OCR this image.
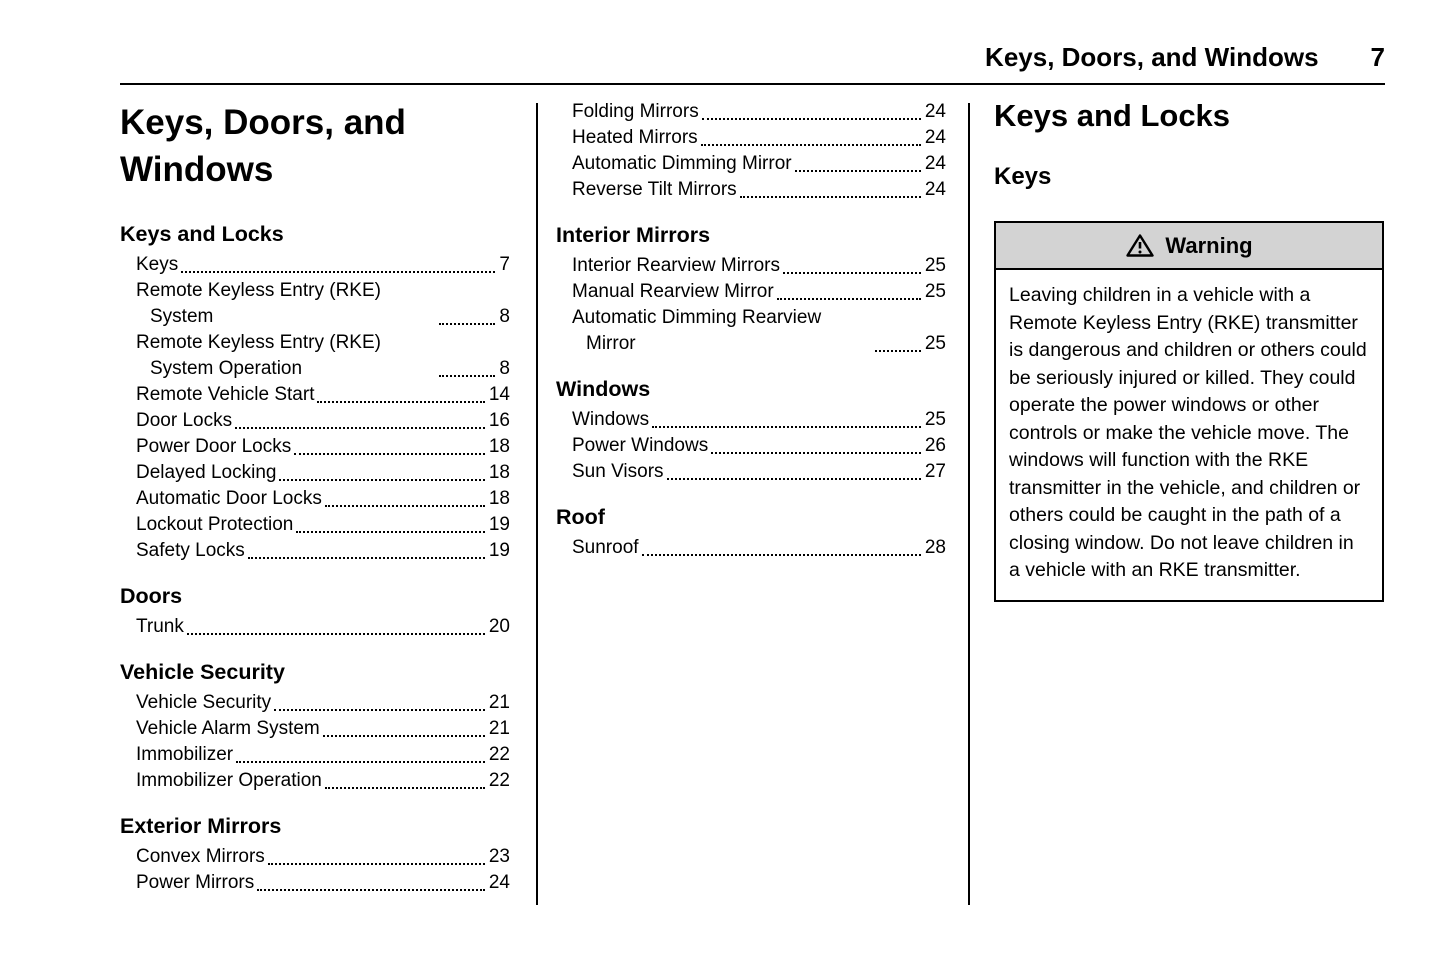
Keys, Doors, and Windows 7
Keys, Doors, and Windows
Keys and Locks
Keys	7
Remote Keyless Entry (RKE) System	8
Remote Keyless Entry (RKE) System Operation	8
Remote Vehicle Start	14
Door Locks	16
Power Door Locks	18
Delayed Locking	18
Automatic Door Locks	18
Lockout Protection	19
Safety Locks	19
Doors
Trunk	20
Vehicle Security
Vehicle Security	21
Vehicle Alarm System	21
Immobilizer	22
Immobilizer Operation	22
Exterior Mirrors
Convex Mirrors	23
Power Mirrors	24
Folding Mirrors	24
Heated Mirrors	24
Automatic Dimming Mirror	24
Reverse Tilt Mirrors	24
Interior Mirrors
Interior Rearview Mirrors	25
Manual Rearview Mirror	25
Automatic Dimming Rearview Mirror	25
Windows
Windows	25
Power Windows	26
Sun Visors	27
Roof
Sunroof	28
Keys and Locks
Keys
Warning
Leaving children in a vehicle with a Remote Keyless Entry (RKE) transmitter is dangerous and children or others could be seriously injured or killed. They could operate the power windows or other controls or make the vehicle move. The windows will function with the RKE transmitter in the vehicle, and children or others could be caught in the path of a closing window. Do not leave children in a vehicle with an RKE transmitter.
